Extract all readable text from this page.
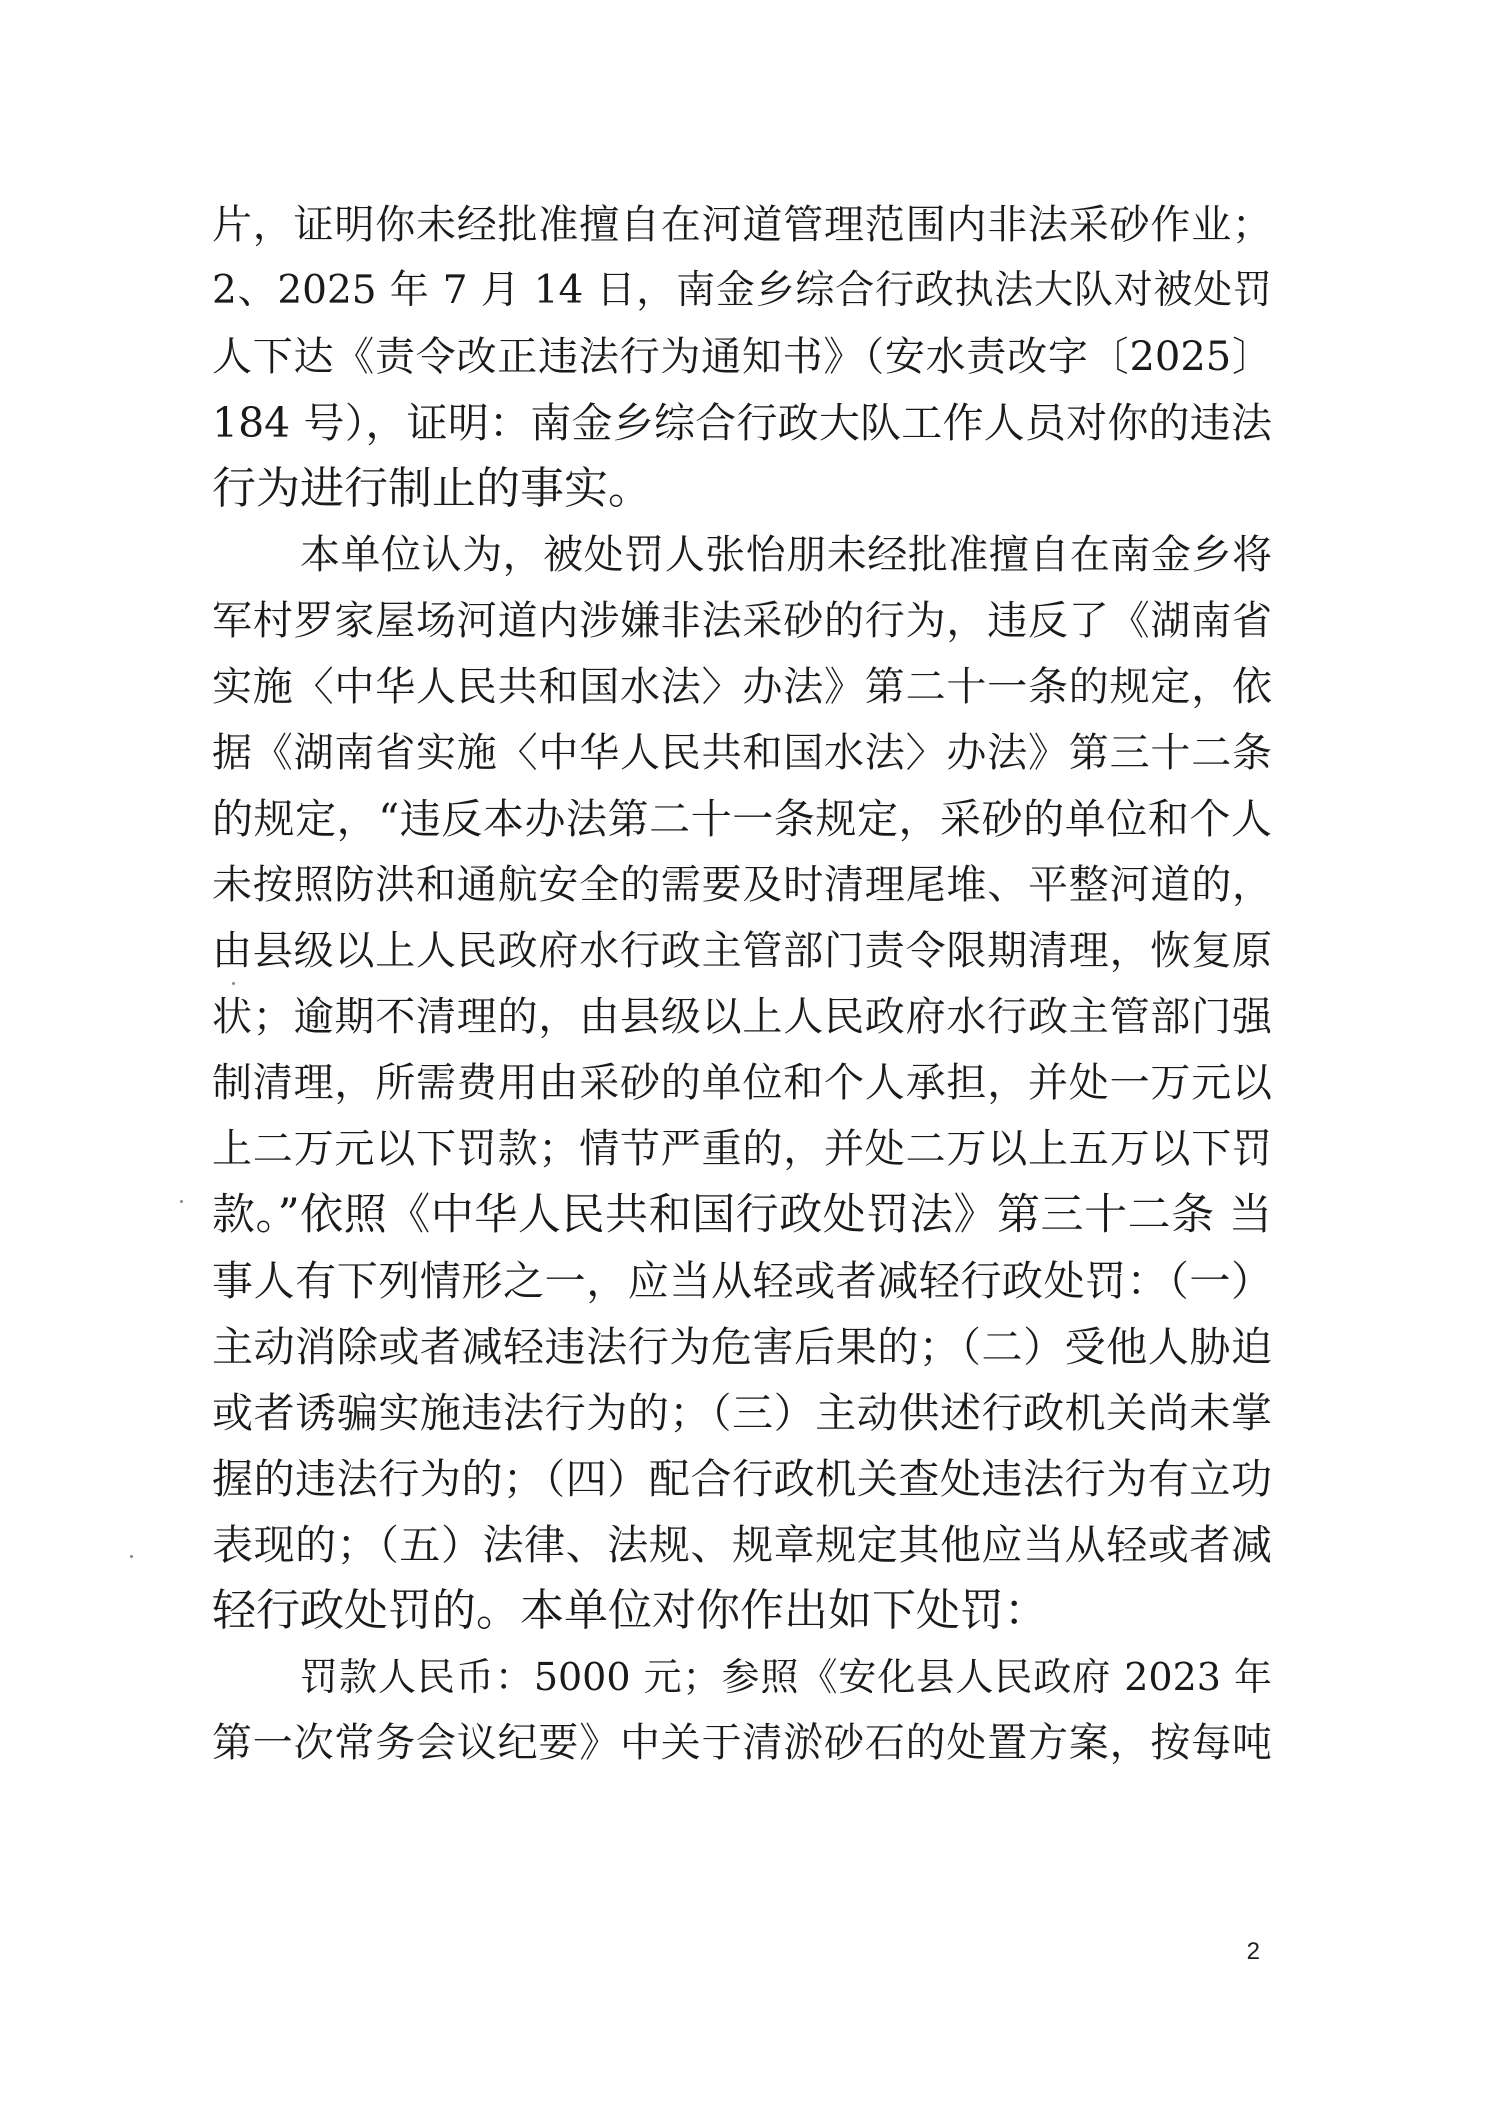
片，证明你未经批准擅自在河道管理范围内非法采砂作业；
2、2025 年 7 月 14 日，南金乡综合行政执法大队对被处罚
人下达《责令改正违法行为通知书》（安水责改字〔2025〕
184 号），证明：南金乡综合行政大队工作人员对你的违法
行为进行制止的事实。
本单位认为，被处罚人张怡朋未经批准擅自在南金乡将
军村罗家屋场河道内涉嫌非法采砂的行为，违反了《湖南省
实施〈中华人民共和国水法〉办法》第二十一条的规定，依
据《湖南省实施〈中华人民共和国水法〉办法》第三十二条
的规定，“违反本办法第二十一条规定，采砂的单位和个人
未按照防洪和通航安全的需要及时清理尾堆、平整河道的，
由县级以上人民政府水行政主管部门责令限期清理，恢复原
状；逾期不清理的，由县级以上人民政府水行政主管部门强
制清理，所需费用由采砂的单位和个人承担，并处一万元以
上二万元以下罚款；情节严重的，并处二万以上五万以下罚
款。”依照《中华人民共和国行政处罚法》第三十二条 当
事人有下列情形之一，应当从轻或者减轻行政处罚：（一）
主动消除或者减轻违法行为危害后果的；（二）受他人胁迫
或者诱骗实施违法行为的；（三）主动供述行政机关尚未掌
握的违法行为的；（四）配合行政机关查处违法行为有立功
表现的；（五）法律、法规、规章规定其他应当从轻或者减
轻行政处罚的。本单位对你作出如下处罚：
罚款人民币：5000 元；参照《安化县人民政府 2023 年
第一次常务会议纪要》中关于清淤砂石的处置方案，按每吨
2
